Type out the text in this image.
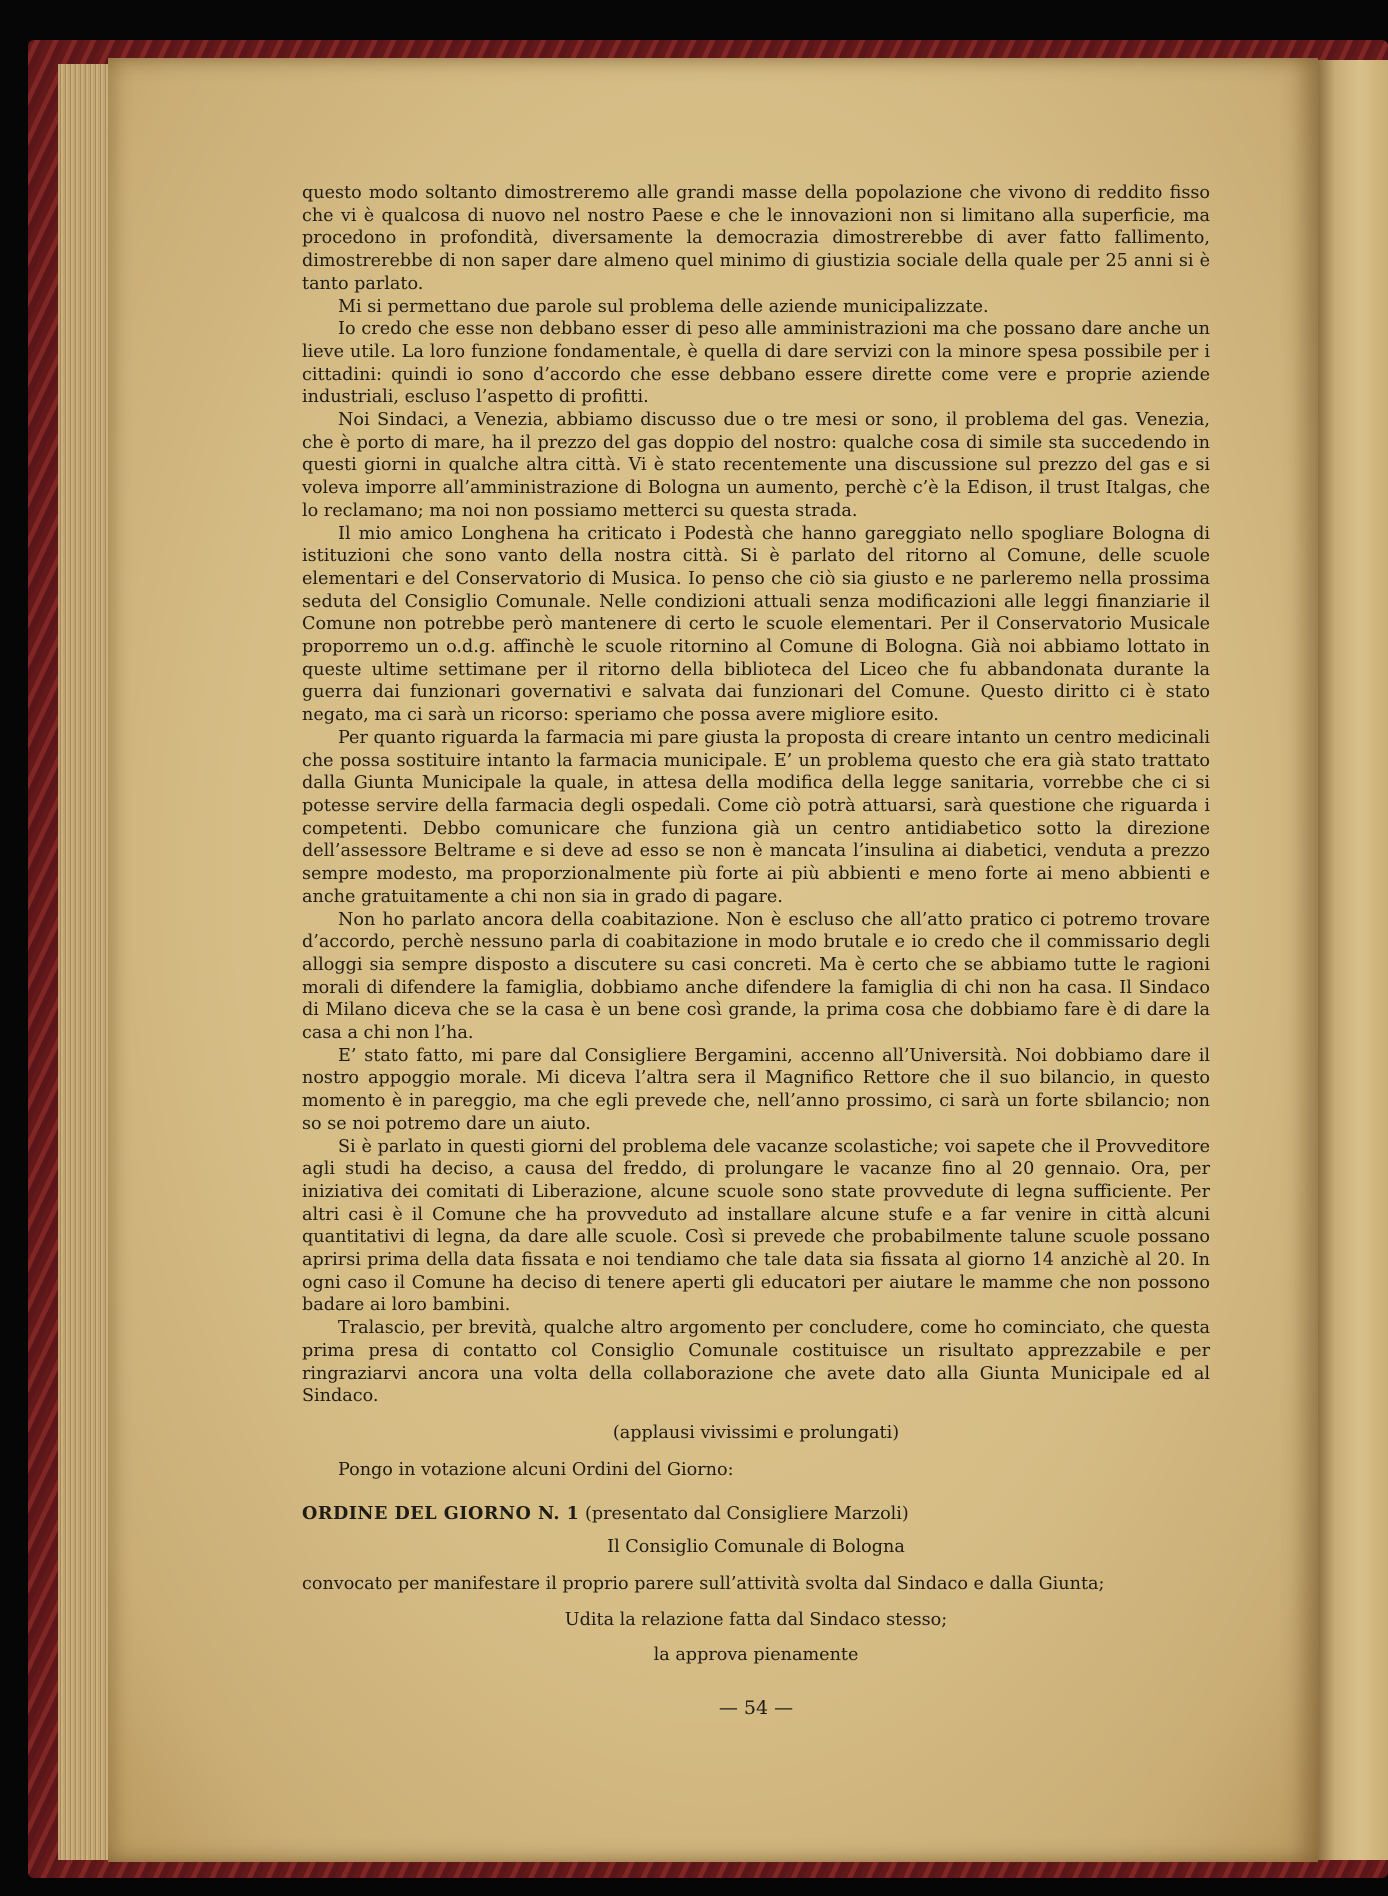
questo modo soltanto dimostreremo alle grandi masse della popolazione che vivono di reddito fisso che vi è qualcosa di nuovo nel nostro Paese e che le innovazioni non si limitano alla superficie, ma procedono in profondità, diversamente la democrazia dimostrerebbe di aver fatto fallimento, dimostrerebbe di non saper dare almeno quel minimo di giustizia sociale della quale per 25 anni si è tanto parlato.

Mi si permettano due parole sul problema delle aziende municipalizzate.

Io credo che esse non debbano esser di peso alle amministrazioni ma che possano dare anche un lieve utile. La loro funzione fondamentale, è quella di dare servizi con la minore spesa possibile per i cittadini: quindi io sono d’accordo che esse debbano essere dirette come vere e proprie aziende industriali, escluso l’aspetto di profitti.

Noi Sindaci, a Venezia, abbiamo discusso due o tre mesi or sono, il problema del gas. Venezia, che è porto di mare, ha il prezzo del gas doppio del nostro: qualche cosa di simile sta succedendo in questi giorni in qualche altra città. Vi è stato recentemente una discussione sul prezzo del gas e si voleva imporre all’amministrazione di Bologna un aumento, perchè c’è la Edison, il trust Italgas, che lo reclamano; ma noi non possiamo metterci su questa strada.

Il mio amico Longhena ha criticato i Podestà che hanno gareggiato nello spogliare Bologna di istituzioni che sono vanto della nostra città. Si è parlato del ritorno al Comune, delle scuole elementari e del Conservatorio di Musica. Io penso che ciò sia giusto e ne parleremo nella prossima seduta del Consiglio Comunale. Nelle condizioni attuali senza modificazioni alle leggi finanziarie il Comune non potrebbe però mantenere di certo le scuole elementari. Per il Conservatorio Musicale proporremo un o.d.g. affinchè le scuole ritornino al Comune di Bologna. Già noi abbiamo lottato in queste ultime settimane per il ritorno della biblioteca del Liceo che fu abbandonata durante la guerra dai funzionari governativi e salvata dai funzionari del Comune. Questo diritto ci è stato negato, ma ci sarà un ricorso: speriamo che possa avere migliore esito.

Per quanto riguarda la farmacia mi pare giusta la proposta di creare intanto un centro medicinali che possa sostituire intanto la farmacia municipale. E’ un problema questo che era già stato trattato dalla Giunta Municipale la quale, in attesa della modifica della legge sanitaria, vorrebbe che ci si potesse servire della farmacia degli ospedali. Come ciò potrà attuarsi, sarà questione che riguarda i competenti. Debbo comunicare che funziona già un centro antidiabetico sotto la direzione dell’assessore Beltrame e si deve ad esso se non è mancata l’insulina ai diabetici, venduta a prezzo sempre modesto, ma proporzionalmente più forte ai più abbienti e meno forte ai meno abbienti e anche gratuitamente a chi non sia in grado di pagare.

Non ho parlato ancora della coabitazione. Non è escluso che all’atto pratico ci potremo trovare d’accordo, perchè nessuno parla di coabitazione in modo brutale e io credo che il commissario degli alloggi sia sempre disposto a discutere su casi concreti. Ma è certo che se abbiamo tutte le ragioni morali di difendere la famiglia, dobbiamo anche difendere la famiglia di chi non ha casa. Il Sindaco di Milano diceva che se la casa è un bene così grande, la prima cosa che dobbiamo fare è di dare la casa a chi non l’ha.

E’ stato fatto, mi pare dal Consigliere Bergamini, accenno all’Università. Noi dobbiamo dare il nostro appoggio morale. Mi diceva l’altra sera il Magnifico Rettore che il suo bilancio, in questo momento è in pareggio, ma che egli prevede che, nell’anno prossimo, ci sarà un forte sbilancio; non so se noi potremo dare un aiuto.

Si è parlato in questi giorni del problema dele vacanze scolastiche; voi sapete che il Provveditore agli studi ha deciso, a causa del freddo, di prolungare le vacanze fino al 20 gennaio. Ora, per iniziativa dei comitati di Liberazione, alcune scuole sono state provvedute di legna sufficiente. Per altri casi è il Comune che ha provveduto ad installare alcune stufe e a far venire in città alcuni quantitativi di legna, da dare alle scuole. Così si prevede che probabilmente talune scuole possano aprirsi prima della data fissata e noi tendiamo che tale data sia fissata al giorno 14 anzichè al 20. In ogni caso il Comune ha deciso di tenere aperti gli educatori per aiutare le mamme che non possono badare ai loro bambini.

Tralascio, per brevità, qualche altro argomento per concludere, come ho cominciato, che questa prima presa di contatto col Consiglio Comunale costituisce un risultato apprezzabile e per ringraziarvi ancora una volta della collaborazione che avete dato alla Giunta Municipale ed al Sindaco.

(applausi vivissimi e prolungati)

Pongo in votazione alcuni Ordini del Giorno:

ORDINE DEL GIORNO N. 1 (presentato dal Consigliere Marzoli)

Il Consiglio Comunale di Bologna

convocato per manifestare il proprio parere sull’attività svolta dal Sindaco e dalla Giunta;

Udita la relazione fatta dal Sindaco stesso;

la approva pienamente

— 54 —
